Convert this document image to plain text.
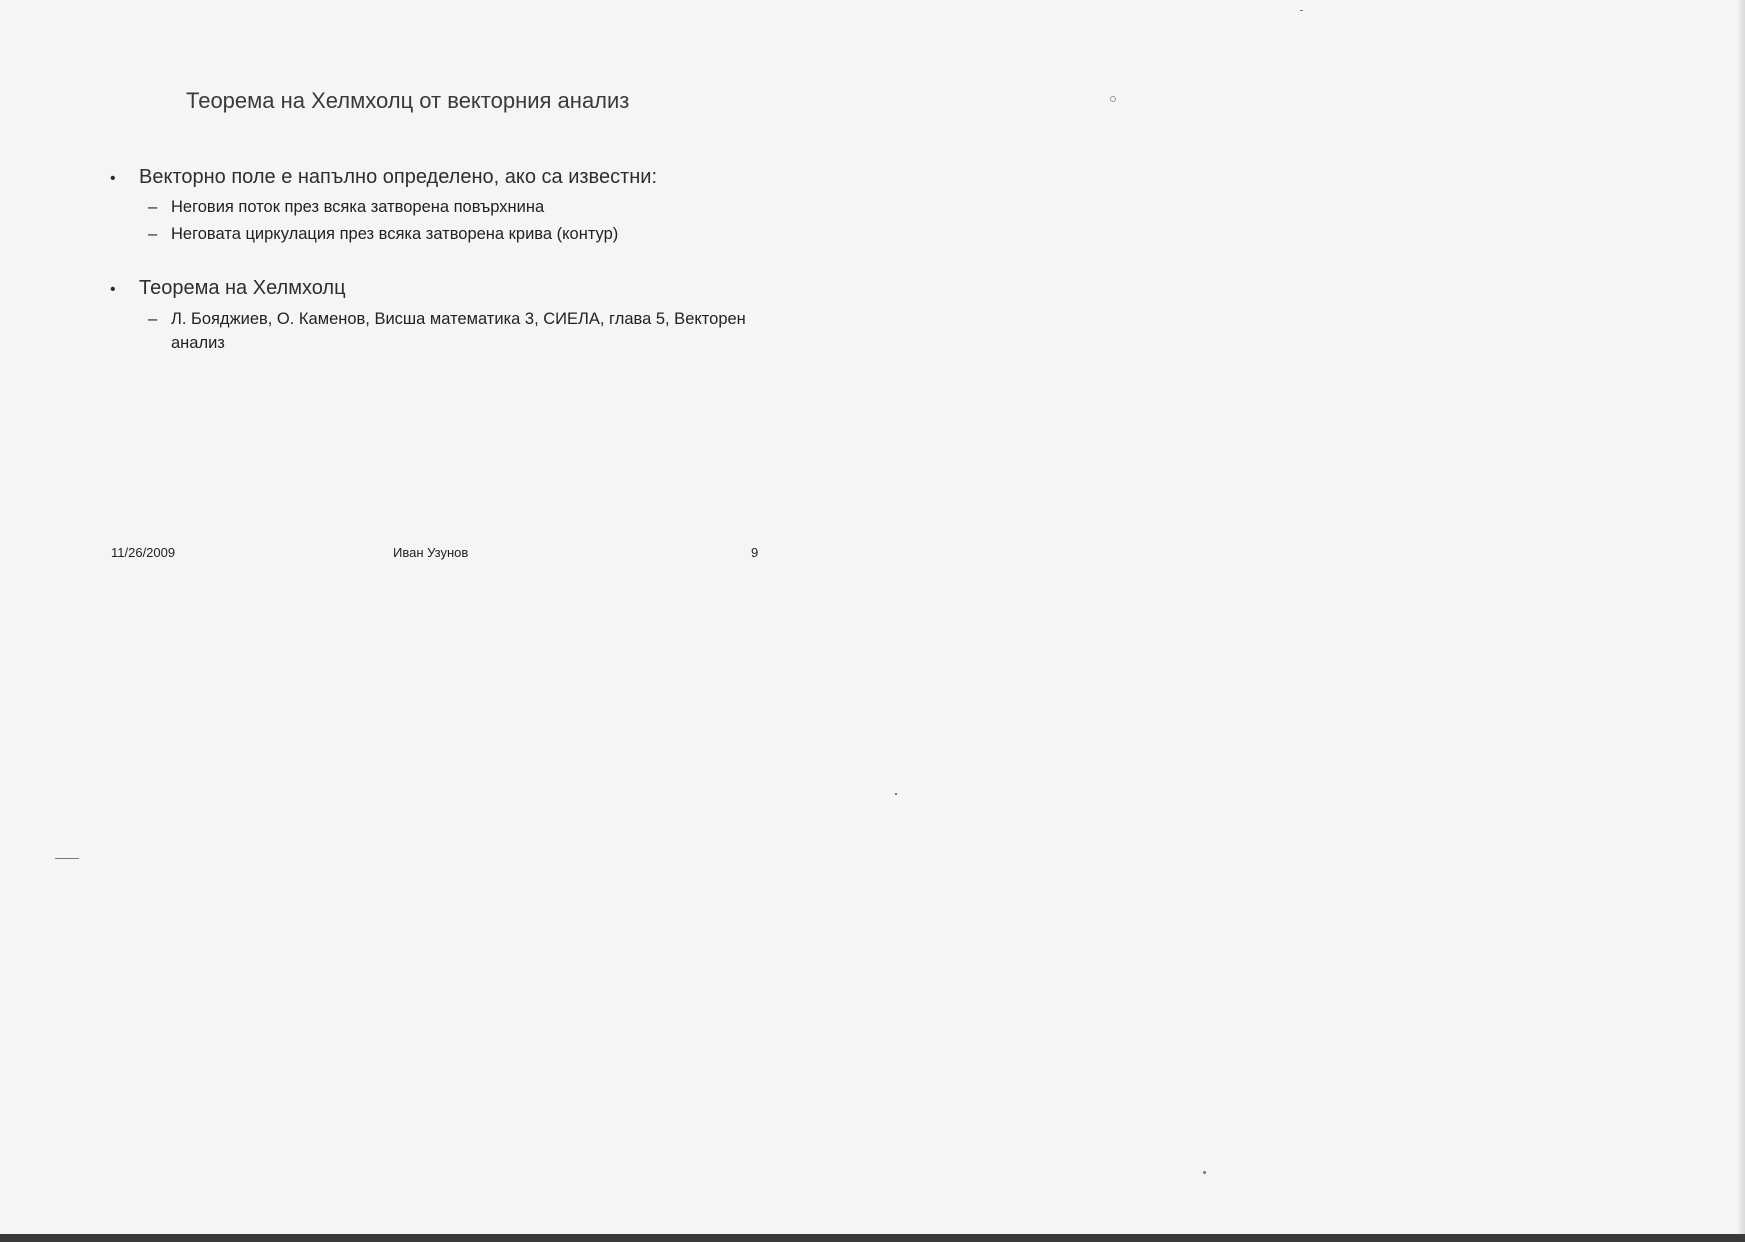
Теорема на Хелмхолц от векторния анализ
•	Векторно поле е напълно определено, ако са известни:
– Неговия поток през всяка затворена повърхнина
– Неговата циркулация през всяка затворена крива (контур)
•	Теорема на Хелмхолц
– Л. Бояджиев, О. Каменов, Висша математика 3, СИЕЛА, глава 5, Векторен анализ
11/26/2009	Иван Узунов	9
